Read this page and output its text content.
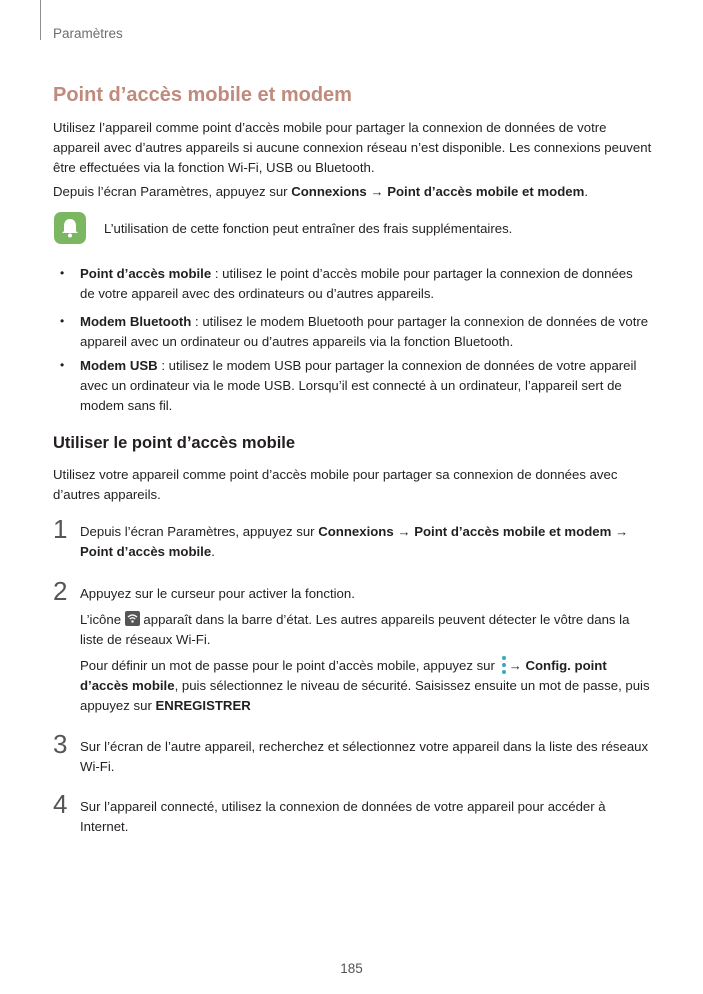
Paramètres
Point d’accès mobile et modem
Utilisez l’appareil comme point d’accès mobile pour partager la connexion de données de votre appareil avec d’autres appareils si aucune connexion réseau n’est disponible. Les connexions peuvent être effectuées via la fonction Wi-Fi, USB ou Bluetooth.
Depuis l’écran Paramètres, appuyez sur Connexions → Point d’accès mobile et modem.
L’utilisation de cette fonction peut entraîner des frais supplémentaires.
• Point d’accès mobile : utilisez le point d’accès mobile pour partager la connexion de données de votre appareil avec des ordinateurs ou d’autres appareils.
• Modem Bluetooth : utilisez le modem Bluetooth pour partager la connexion de données de votre appareil avec un ordinateur ou d’autres appareils via la fonction Bluetooth.
• Modem USB : utilisez le modem USB pour partager la connexion de données de votre appareil avec un ordinateur via le mode USB. Lorsqu’il est connecté à un ordinateur, l’appareil sert de modem sans fil.
Utiliser le point d’accès mobile
Utilisez votre appareil comme point d’accès mobile pour partager sa connexion de données avec d’autres appareils.
1 Depuis l’écran Paramètres, appuyez sur Connexions → Point d’accès mobile et modem → Point d’accès mobile.
2 Appuyez sur le curseur pour activer la fonction.
L’icône
apparaît dans la barre d’état. Les autres appareils peuvent détecter le vôtre dans la liste de réseaux Wi-Fi.
Pour définir un mot de passe pour le point d’accès mobile, appuyez sur
→ Config. point d’accès mobile, puis sélectionnez le niveau de sécurité. Saisissez ensuite un mot de passe, puis appuyez sur ENREGISTRER
3 Sur l’écran de l’autre appareil, recherchez et sélectionnez votre appareil dans la liste des réseaux Wi-Fi.
4 Sur l’appareil connecté, utilisez la connexion de données de votre appareil pour accéder à Internet.
185
